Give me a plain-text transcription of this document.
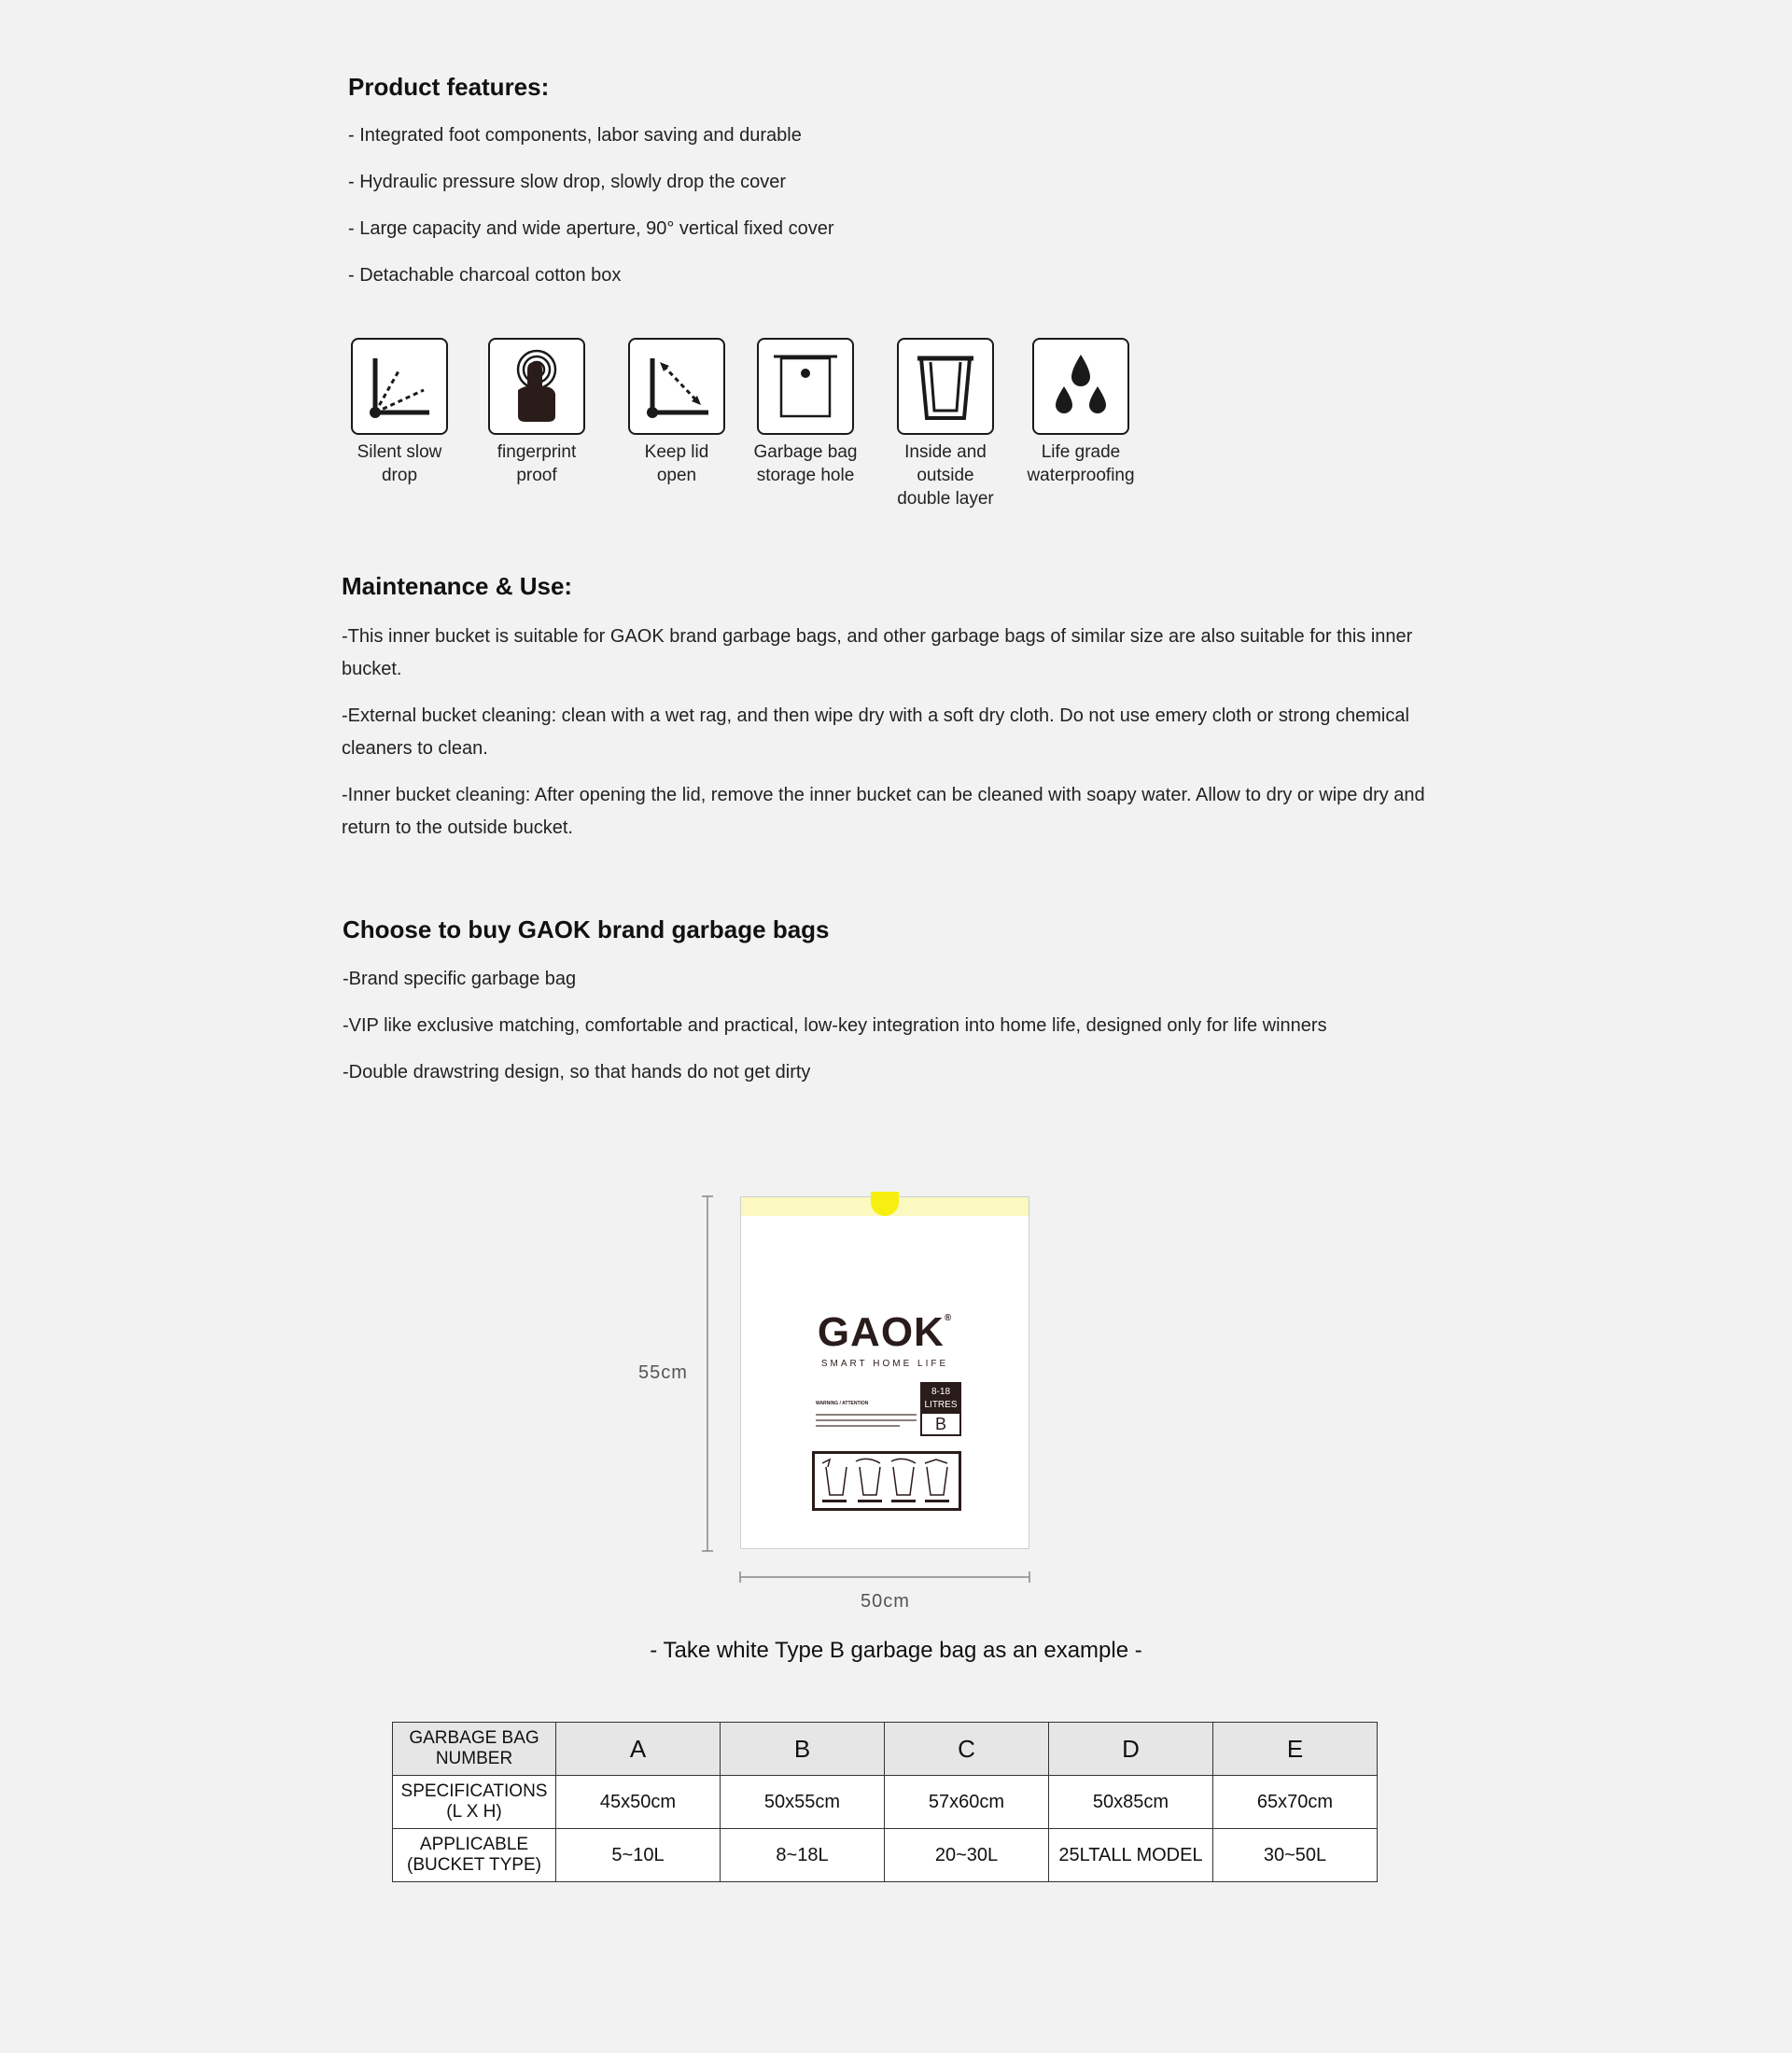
Product features:
- Integrated foot components, labor saving and durable
- Hydraulic pressure slow drop, slowly drop the cover
- Large capacity and wide aperture, 90° vertical fixed cover
- Detachable charcoal cotton box
Silent slow
drop
fingerprint
proof
Keep lid
open
Garbage bag
storage hole
Inside and outside
double layer
Life grade
waterproofing
Maintenance & Use:
-This inner bucket is suitable for GAOK brand garbage bags, and other garbage bags of similar size are also suitable for this inner bucket.
-External bucket cleaning: clean with a wet rag, and then wipe dry with a soft dry cloth. Do not use emery cloth or strong chemical cleaners to clean.
-Inner bucket cleaning: After opening the lid, remove the inner bucket can be cleaned with soapy water. Allow to dry or wipe dry and return to the outside bucket.
Choose to buy GAOK brand garbage bags
-Brand specific garbage bag
-VIP like exclusive matching, comfortable and practical, low-key integration into home life, designed only for life winners
-Double drawstring design, so that hands do not get dirty
55cm
50cm
GAOK®
SMART HOME LIFE
WARNING / ATTENTION
8-18
LITRES
B
- Take white Type B garbage bag as an example -
GARBAGE BAG NUMBER	A	B	C	D	E
SPECIFICATIONS (L X H)	45x50cm	50x55cm	57x60cm	50x85cm	65x70cm
APPLICABLE (BUCKET TYPE)	5~10L	8~18L	20~30L	25LTALL MODEL	30~50L
